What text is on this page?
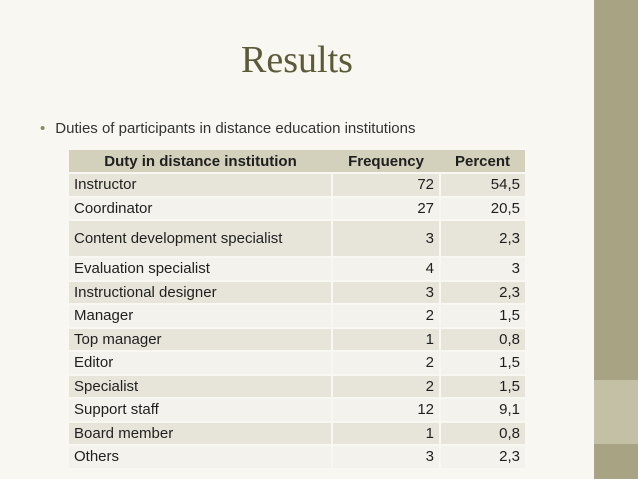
Results
• Duties of participants in distance education institutions
Duty in distance institution	Frequency	Percent
Instructor	72	54,5
Coordinator	27	20,5
Content development specialist	3	2,3
Evaluation specialist	4	3
Instructional designer	3	2,3
Manager	2	1,5
Top manager	1	0,8
Editor	2	1,5
Specialist	2	1,5
Support staff	12	9,1
Board member	1	0,8
Others	3	2,3
